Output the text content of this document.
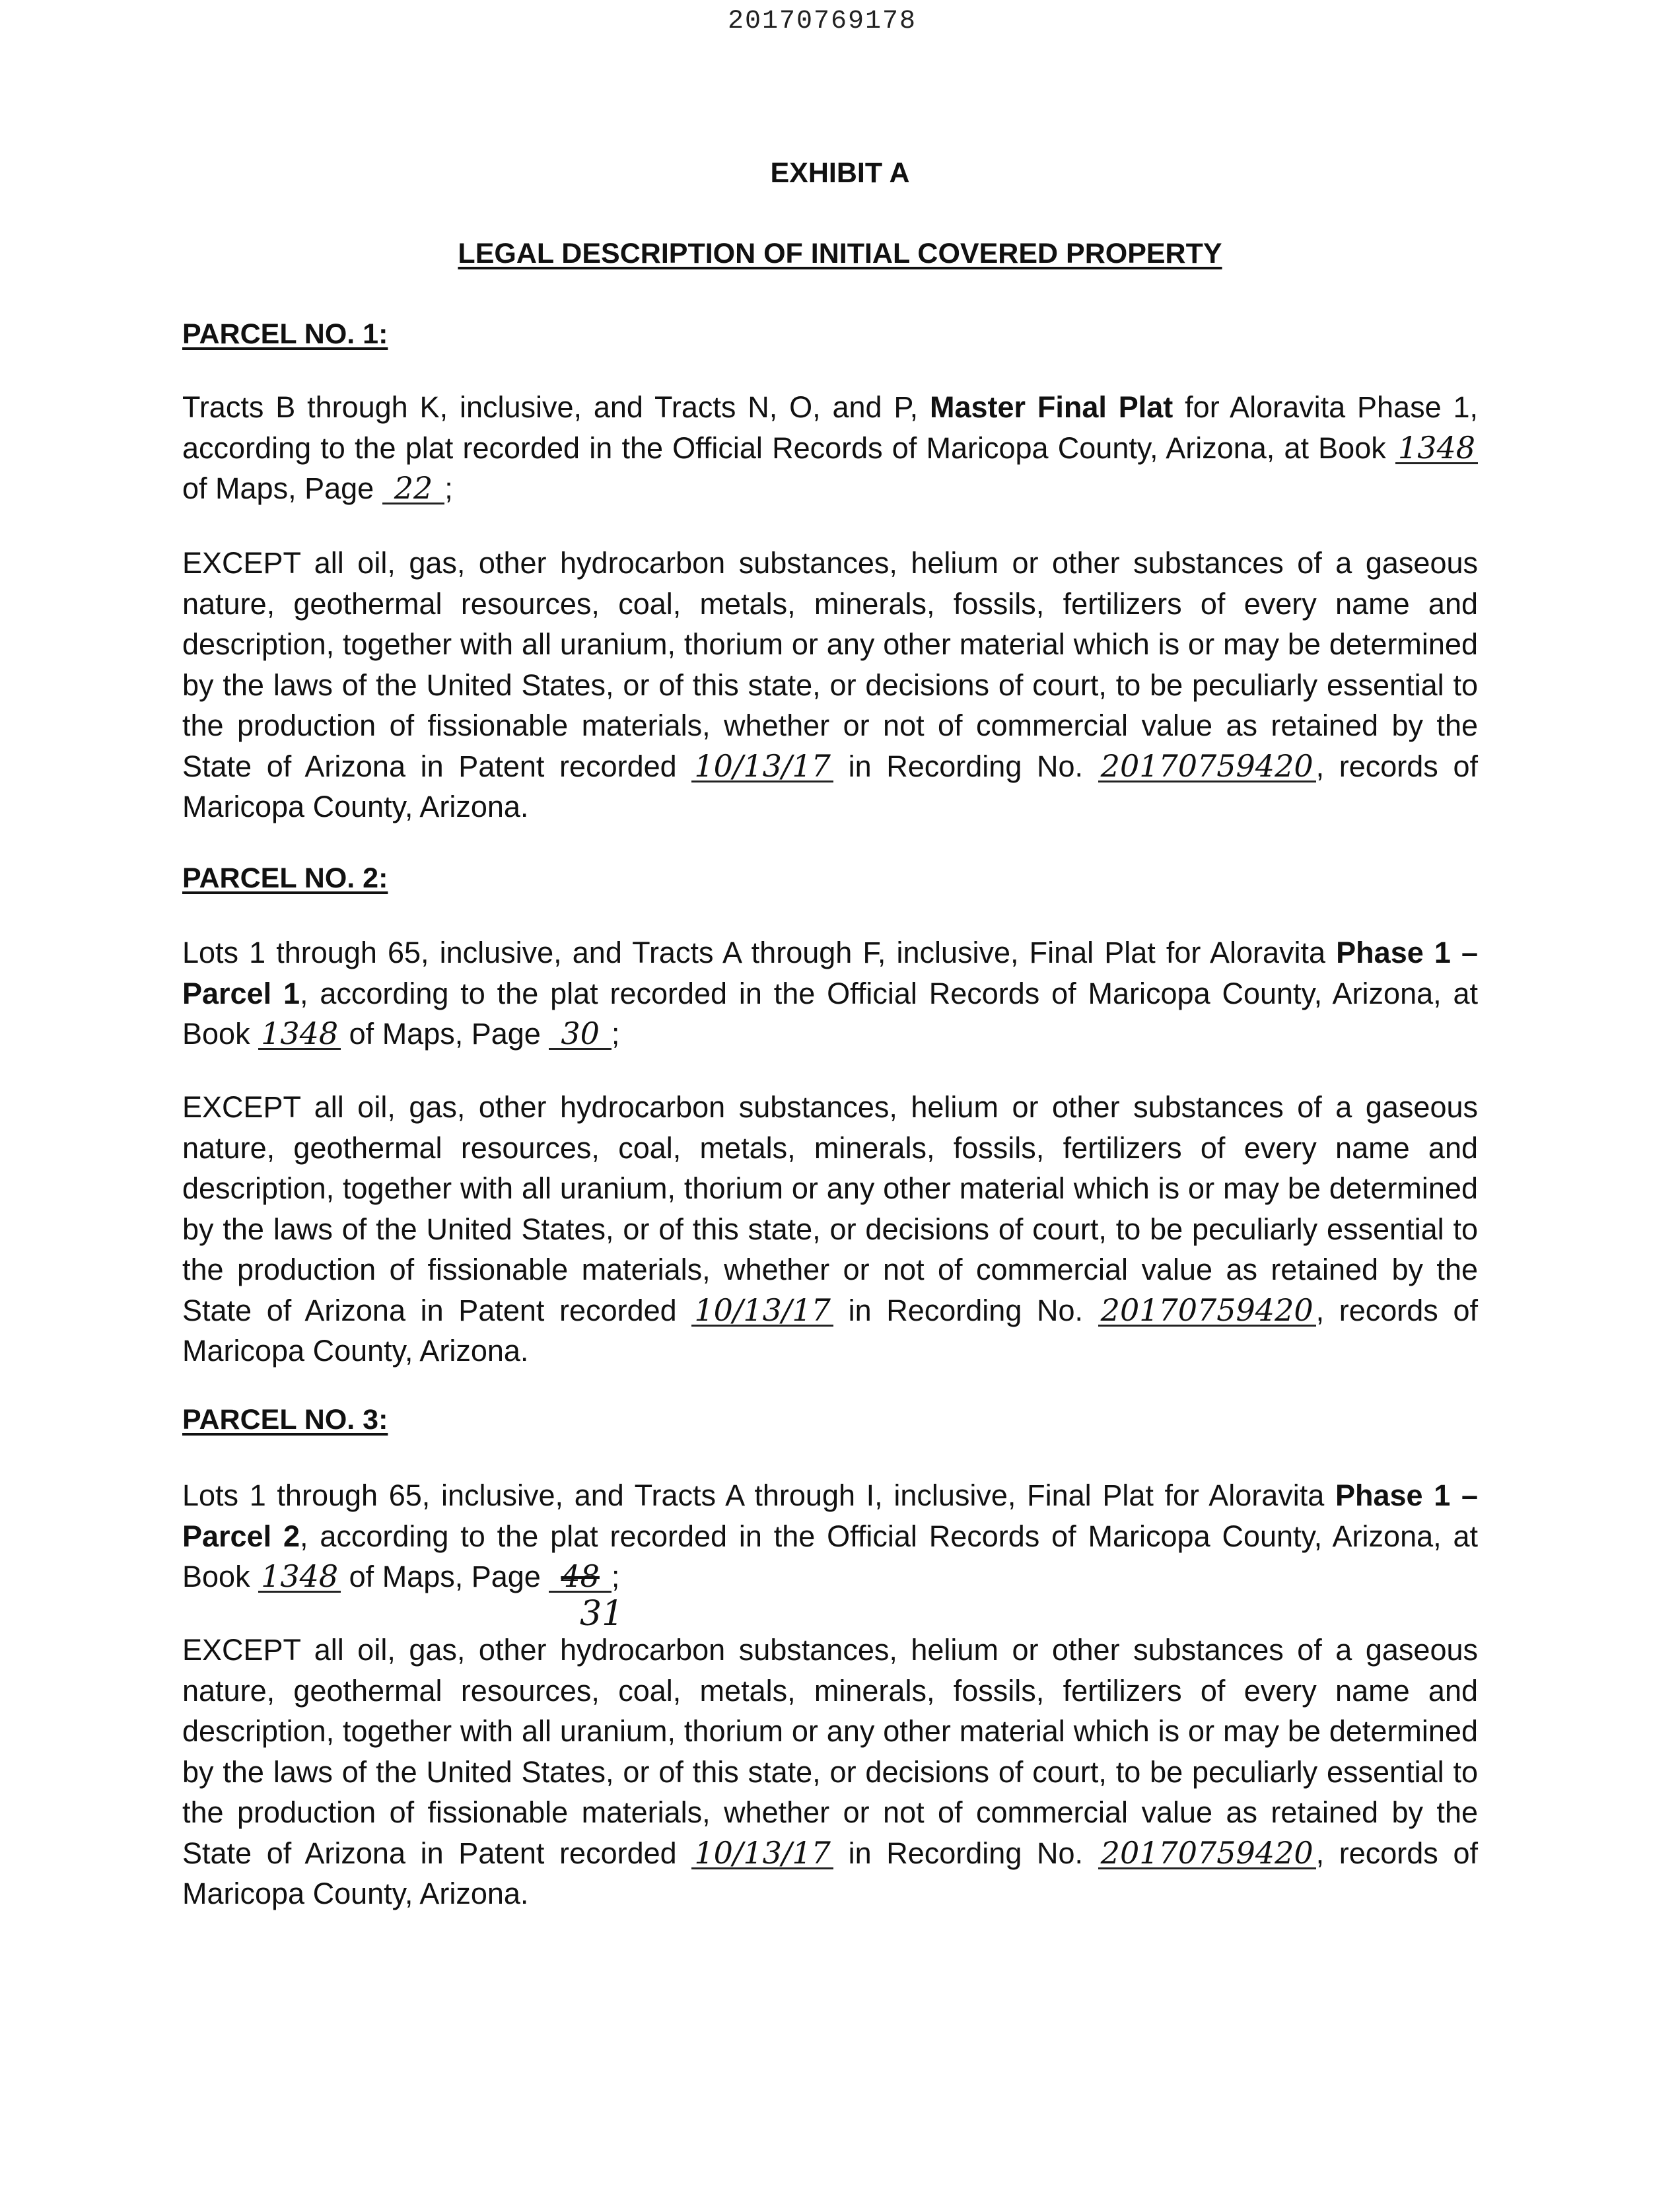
20170769178
EXHIBIT A
LEGAL DESCRIPTION OF INITIAL COVERED PROPERTY
PARCEL NO. 1:

Tracts B through K, inclusive, and Tracts N, O, and P, Master Final Plat for Aloravita Phase 1, according to the plat recorded in the Official Records of Maricopa County, Arizona, at Book 1348 of Maps, Page 22 ;

EXCEPT all oil, gas, other hydrocarbon substances, helium or other substances of a gaseous nature, geothermal resources, coal, metals, minerals, fossils, fertilizers of every name and description, together with all uranium, thorium or any other material which is or may be determined by the laws of the United States, or of this state, or decisions of court, to be peculiarly essential to the production of fissionable materials, whether or not of commercial value as retained by the State of Arizona in Patent recorded 10/13/17 in Recording No. 20170759420, records of Maricopa County, Arizona.

PARCEL NO. 2:

Lots 1 through 65, inclusive, and Tracts A through F, inclusive, Final Plat for Aloravita Phase 1 – Parcel 1, according to the plat recorded in the Official Records of Maricopa County, Arizona, at Book 1348 of Maps, Page 30 ;

EXCEPT all oil, gas, other hydrocarbon substances, helium or other substances of a gaseous nature, geothermal resources, coal, metals, minerals, fossils, fertilizers of every name and description, together with all uranium, thorium or any other material which is or may be determined by the laws of the United States, or of this state, or decisions of court, to be peculiarly essential to the production of fissionable materials, whether or not of commercial value as retained by the State of Arizona in Patent recorded 10/13/17 in Recording No. 20170759420, records of Maricopa County, Arizona.

PARCEL NO. 3:

Lots 1 through 65, inclusive, and Tracts A through I, inclusive, Final Plat for Aloravita Phase 1 – Parcel 2, according to the plat recorded in the Official Records of Maricopa County, Arizona, at Book 1348 of Maps, Page 48 ;

31

EXCEPT all oil, gas, other hydrocarbon substances, helium or other substances of a gaseous nature, geothermal resources, coal, metals, minerals, fossils, fertilizers of every name and description, together with all uranium, thorium or any other material which is or may be determined by the laws of the United States, or of this state, or decisions of court, to be peculiarly essential to the production of fissionable materials, whether or not of commercial value as retained by the State of Arizona in Patent recorded 10/13/17 in Recording No. 20170759420, records of Maricopa County, Arizona.
